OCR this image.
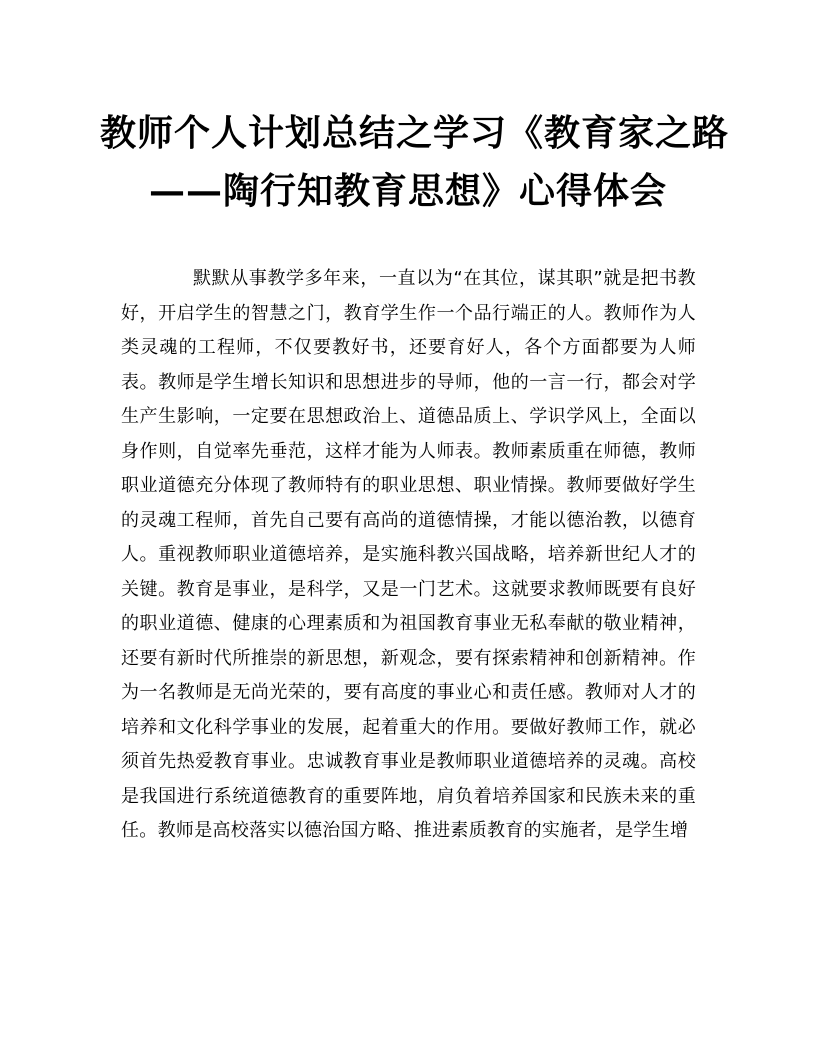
教师个人计划总结之学习《教育家之路
——陶行知教育思想》心得体会

默默从事教学多年来，一直以为“在其位，谋其职”就是把书教好，开启学生的智慧之门，教育学生作一个品行端正的人。教师作为人类灵魂的工程师，不仅要教好书，还要育好人，各个方面都要为人师表。教师是学生增长知识和思想进步的导师，他的一言一行，都会对学生产生影响，一定要在思想政治上、道德品质上、学识学风上，全面以身作则，自觉率先垂范，这样才能为人师表。教师素质重在师德，教师职业道德充分体现了教师特有的职业思想、职业情操。教师要做好学生的灵魂工程师，首先自己要有高尚的道德情操，才能以德治教，以德育人。重视教师职业道德培养，是实施科教兴国战略，培养新世纪人才的关键。教育是事业，是科学，又是一门艺术。这就要求教师既要有良好的职业道德、健康的心理素质和为祖国教育事业无私奉献的敬业精神，还要有新时代所推崇的新思想，新观念，要有探索精神和创新精神。作为一名教师是无尚光荣的，要有高度的事业心和责任感。教师对人才的培养和文化科学事业的发展，起着重大的作用。要做好教师工作，就必须首先热爱教育事业。忠诚教育事业是教师职业道德培养的灵魂。高校是我国进行系统道德教育的重要阵地，肩负着培养国家和民族未来的重任。教师是高校落实以德治国方略、推进素质教育的实施者，是学生增
